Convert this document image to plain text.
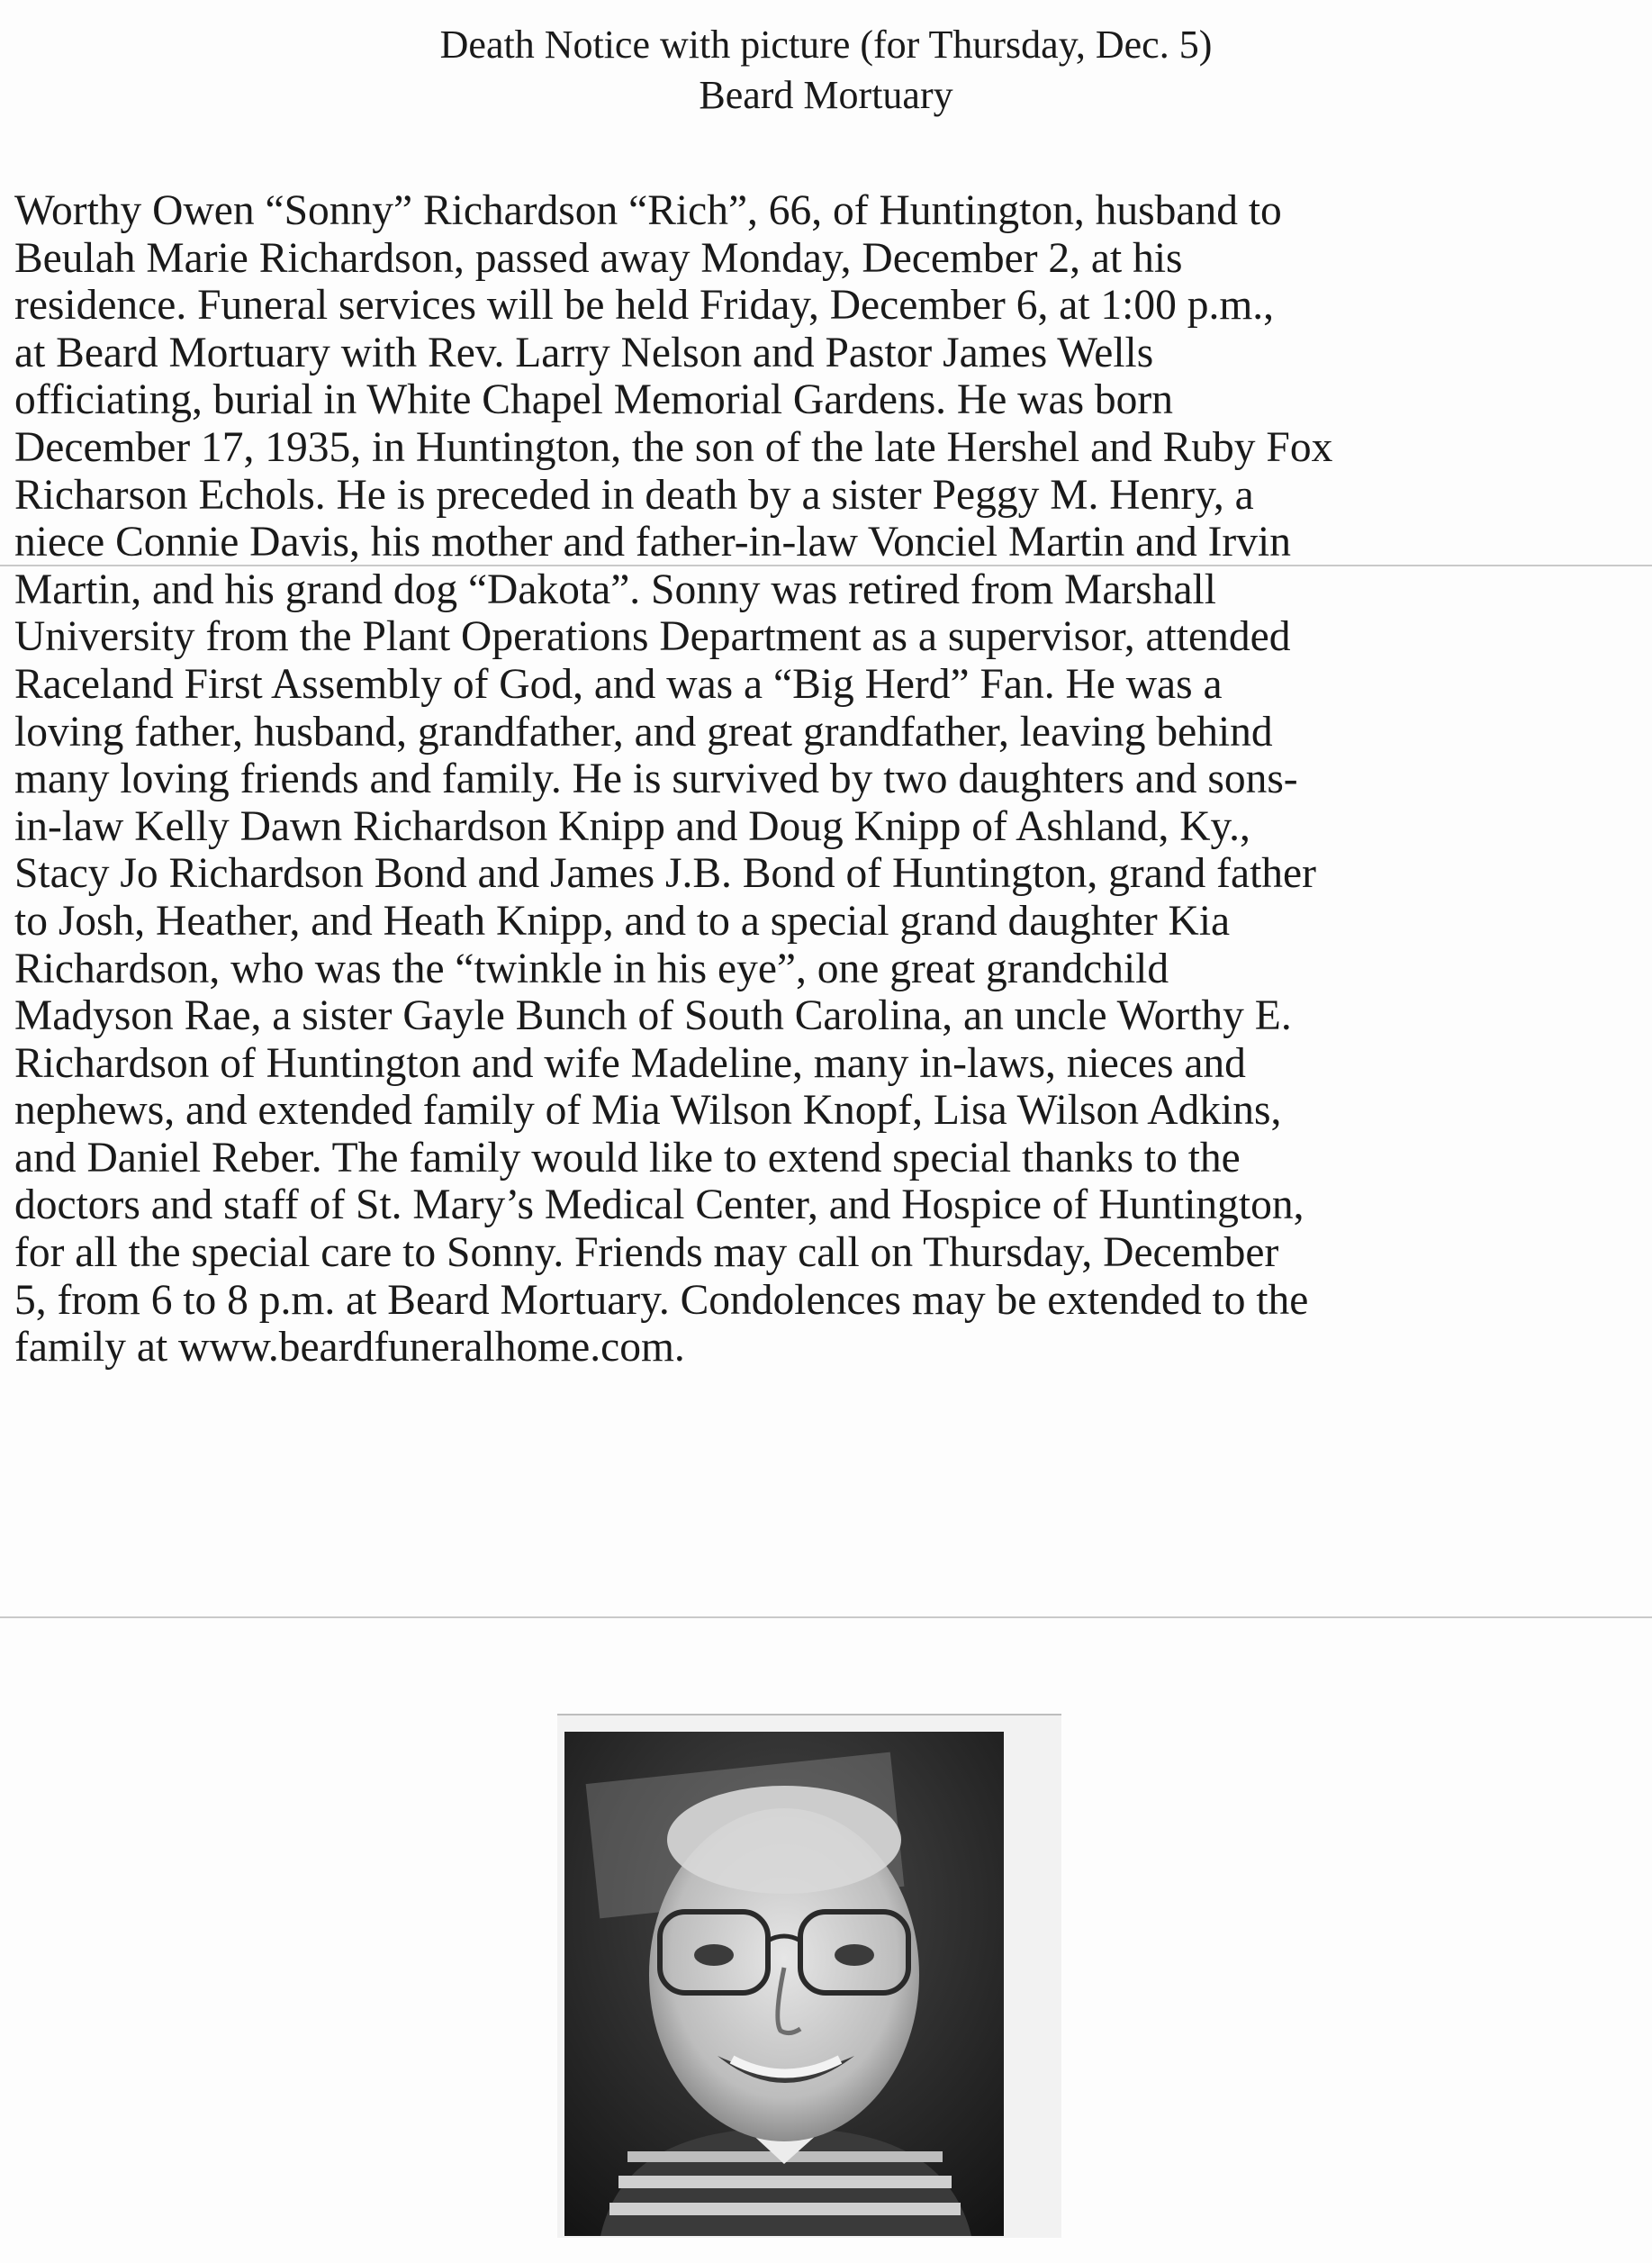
Death Notice with picture (for Thursday, Dec. 5)
Beard Mortuary
Worthy Owen “Sonny” Richardson “Rich”, 66, of Huntington, husband to
Beulah Marie Richardson, passed away Monday, December 2, at his
residence. Funeral services will be held Friday, December 6, at 1:00 p.m.,
at Beard Mortuary with Rev. Larry Nelson and Pastor James Wells
officiating, burial in White Chapel Memorial Gardens. He was born
December 17, 1935, in Huntington, the son of the late Hershel and Ruby Fox
Richarson Echols. He is preceded in death by a sister Peggy M. Henry, a
niece Connie Davis, his mother and father-in-law Vonciel Martin and Irvin
Martin, and his grand dog “Dakota”. Sonny was retired from Marshall
University from the Plant Operations Department as a supervisor, attended
Raceland First Assembly of God, and was a “Big Herd” Fan. He was a
loving father, husband, grandfather, and great grandfather, leaving behind
many loving friends and family. He is survived by two daughters and sons-
in-law Kelly Dawn Richardson Knipp and Doug Knipp of Ashland, Ky.,
Stacy Jo Richardson Bond and James J.B. Bond of Huntington, grand father
to Josh, Heather, and Heath Knipp, and to a special grand daughter Kia
Richardson, who was the “twinkle in his eye”, one great grandchild
Madyson Rae, a sister Gayle Bunch of South Carolina, an uncle Worthy E.
Richardson of Huntington and wife Madeline, many in-laws, nieces and
nephews, and extended family of Mia Wilson Knopf, Lisa Wilson Adkins,
and Daniel Reber. The family would like to extend special thanks to the
doctors and staff of St. Mary’s Medical Center, and Hospice of Huntington,
for all the special care to Sonny. Friends may call on Thursday, December
5, from 6 to 8 p.m. at Beard Mortuary. Condolences may be extended to the
family at www.beardfuneralhome.com.
